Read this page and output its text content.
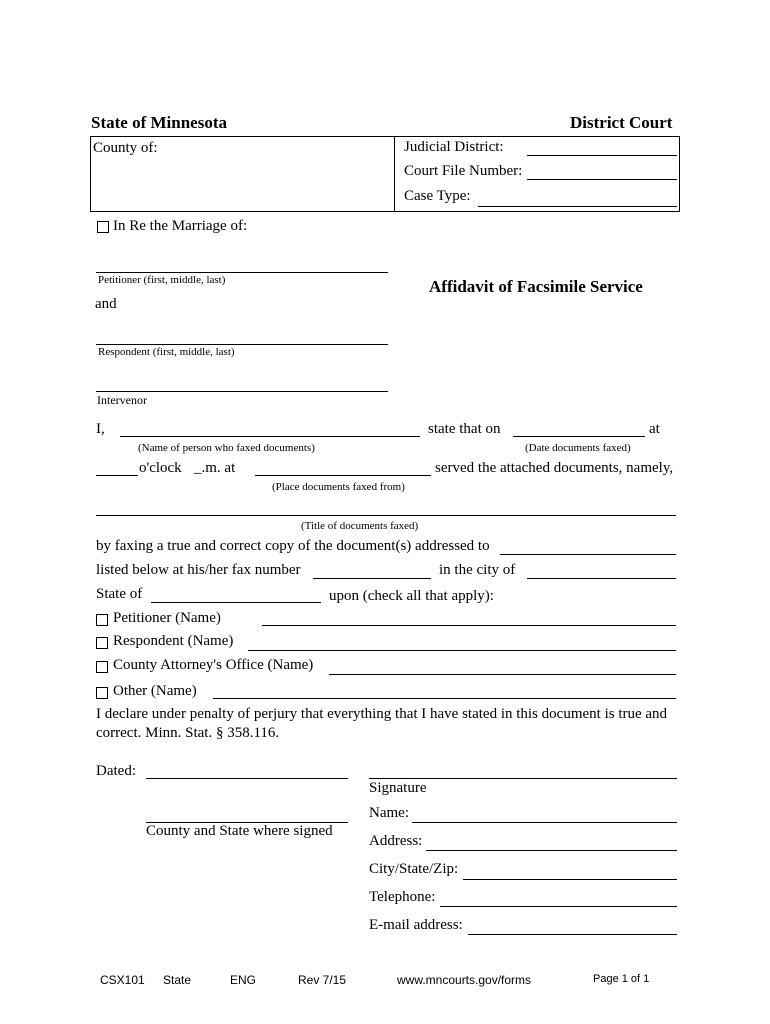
State of Minnesota	District Court
County of:	Judicial District:
Court File Number:
Case Type:
In Re the Marriage of:
Petitioner (first, middle, last)
and
Affidavit of Facsimile Service
Respondent (first, middle, last)
Intervenor
I,
(Name of person who faxed documents)
state that on
(Date documents faxed)
at
o'clock _.m. at
(Place documents faxed from)
served the attached documents, namely,
(Title of documents faxed)
by faxing a true and correct copy of the document(s) addressed to
listed below at his/her fax number	in the city of
State of	upon (check all that apply):
Petitioner (Name)
Respondent (Name)
County Attorney's Office (Name)
Other (Name)
I declare under penalty of perjury that everything that I have stated in this document is true and
correct. Minn. Stat. § 358.116.
Dated:
County and State where signed
Signature
Name:
Address:
City/State/Zip:
Telephone:
E-mail address:
CSX101 State	ENG	Rev 7/15	www.mncourts.gov/forms	Page 1 of 1
